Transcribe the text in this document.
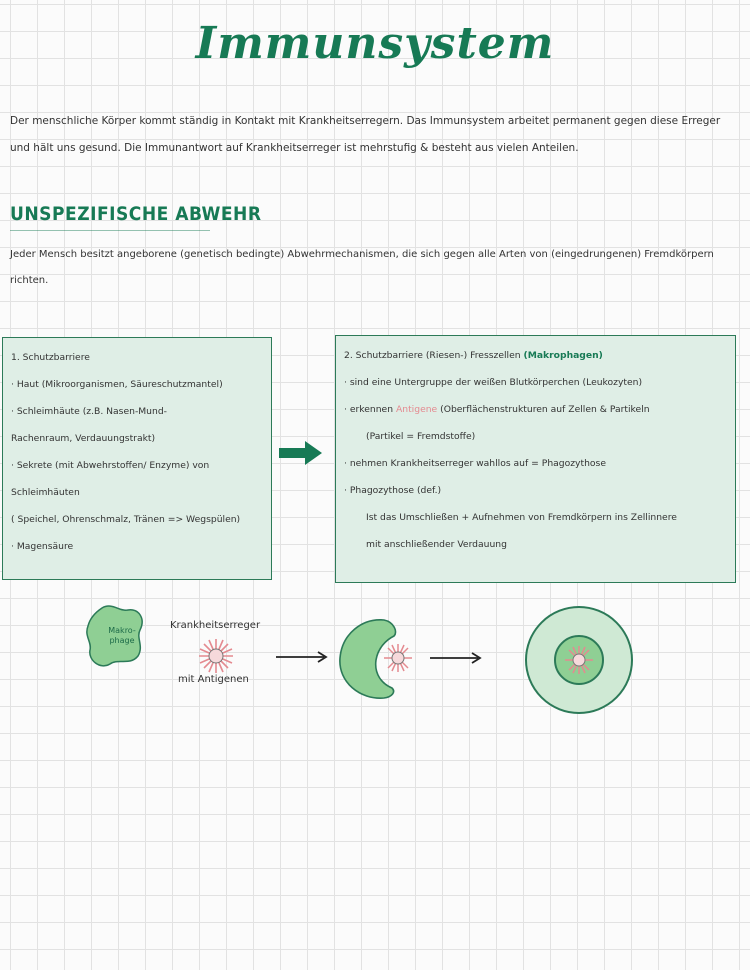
Immunsystem
Der menschliche Körper kommt ständig in Kontakt mit Krankheitserregern. Das Immunsystem arbeitet permanent gegen diese Erreger
und hält uns gesund. Die Immunantwort auf Krankheitserreger ist mehrstufig & besteht aus vielen Anteilen.
UNSPEZIFISCHE ABWEHR
Jeder Mensch besitzt angeborene (genetisch bedingte) Abwehrmechanismen, die sich gegen alle Arten von (eingedrungenen) Fremdkörpern
richten.
1. Schutzbarriere
· Haut (Mikroorganismen, Säureschutzmantel)
· Schleimhäute (z.B. Nasen-Mund-
Rachenraum, Verdauungstrakt)
· Sekrete (mit Abwehrstoffen/ Enzyme) von
Schleimhäuten
( Speichel, Ohrenschmalz, Tränen => Wegspülen)
· Magensäure
2. Schutzbarriere (Riesen-) Fresszellen (Makrophagen)
· sind eine Untergruppe der weißen Blutkörperchen (Leukozyten)
· erkennen Antigene (Oberflächenstrukturen auf Zellen & Partikeln
(Partikel = Fremdstoffe)
· nehmen Krankheitserreger wahllos auf = Phagozythose
· Phagozythose (def.)
Ist das Umschließen + Aufnehmen von Fremdkörpern ins Zellinnere
mit anschließender Verdauung
Makro-
phage
Krankheitserreger
mit Antigenen
